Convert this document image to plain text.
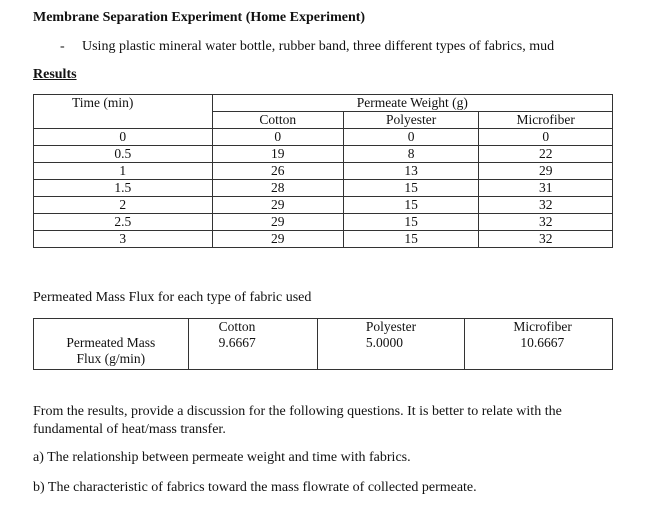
Membrane Separation Experiment (Home Experiment)
- Using plastic mineral water bottle, rubber band, three different types of fabrics, mud
Results
Time (min)	Permeate Weight (g)		
	Cotton	Polyester	Microfiber
0	0	0	0
0.5	19	8	22
1	26	13	29
1.5	28	15	31
2	29	15	32
2.5	29	15	32
3	29	15	32
Permeated Mass Flux for each type of fabric used
	Cotton	Polyester	Microfiber

Permeated Mass
Flux (g/min)	9.6667	5.0000	10.6667
From the results, provide a discussion for the following questions. It is better to relate with the fundamental of heat/mass transfer.
a) The relationship between permeate weight and time with fabrics.
b) The characteristic of fabrics toward the mass flowrate of collected permeate.
